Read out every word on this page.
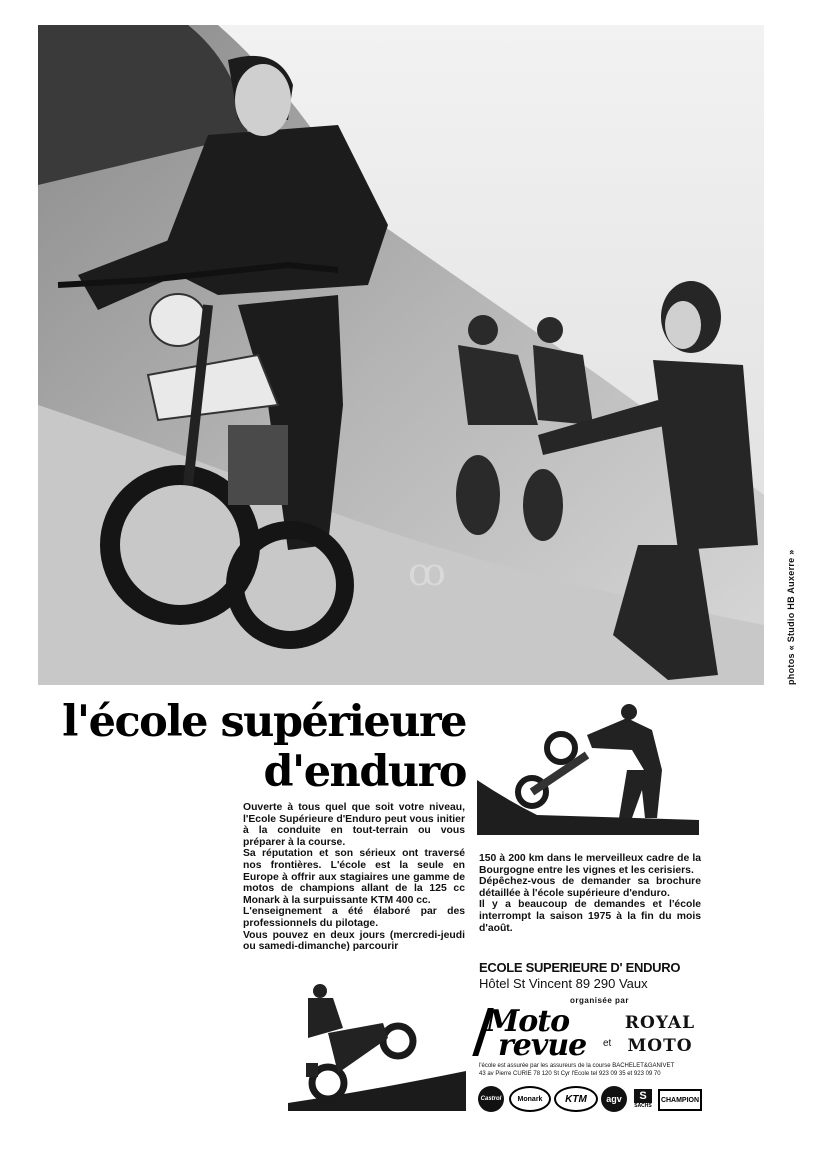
ꝏ	photos « Studio HB Auxerre »
l'école supérieure
d'enduro

Ouverte à tous quel que soit votre niveau, l'Ecole Supérieure d'Enduro peut vous initier à la conduite en tout-terrain ou vous préparer à la course.

Sa réputation et son sérieux ont traversé nos frontières. L'école est la seule en Europe à offrir aux stagiaires une gamme de motos de champions allant de la 125 cc Monark à la surpuissante KTM 400 cc.

L'enseignement a été élaboré par des professionnels du pilotage.

Vous pouvez en deux jours (mercredi-jeudi ou samedi-dimanche) parcourir

150 à 200 km dans le merveilleux cadre de la Bourgogne entre les vignes et les cerisiers.

Dépêchez-vous de demander sa brochure détaillée à l'école supérieure d'enduro.

Il y a beaucoup de demandes et l'école interrompt la saison 1975 à la fin du mois d'août.

ECOLE SUPERIEURE D' ENDURO
Hôtel St Vincent 89 290 Vaux
organisée par
Moto
revue et
ROYAL
MOTO
l'école est assurée par les assureurs de la course BACHELET&GANIVET
43 av Pierre CURIE 78 120 St Cyr l'Ecole tel 923 09 35 et 923 09 70
Castrol	Monark	KTM	agv	S
SACHS
CHAMPION
